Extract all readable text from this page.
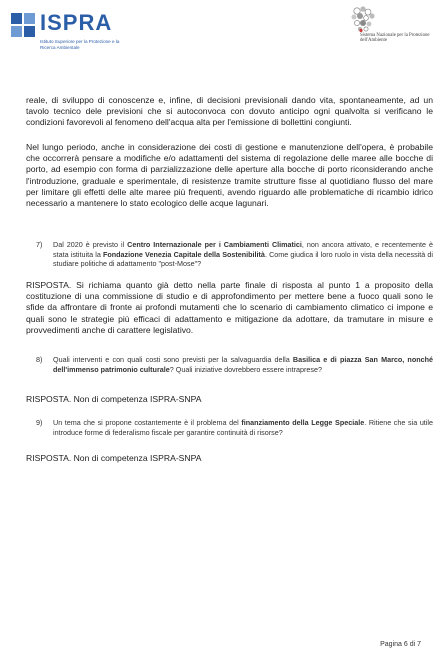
ISPRA
Istituto Superiore per la Protezione e la Ricerca Ambientale
Sistema Nazionale per la Protezione dell'Ambiente

reale, di sviluppo di conoscenze e, infine, di decisioni previsionali dando vita, spontaneamente, ad un tavolo tecnico dele previsioni che si autoconvoca con dovuto anticipo ogni qualvolta si verificano le condizioni favorevoli al fenomeno dell'acqua alta per l'emissione di bollettini congiunti.

Nel lungo periodo, anche in considerazione dei costi di gestione e manutenzione dell'opera, è probabile che occorrerà pensare a modifiche e/o adattamenti del sistema di regolazione delle maree alle bocche di porto, ad esempio con forma di parzializzazione delle aperture alla bocche di porto riconsiderando anche l'introduzione, graduale e sperimentale, di resistenze tramite strutture fisse al quotidiano flusso del mare per limitare gli effetti delle alte maree più frequenti, avendo riguardo alle problematiche di ricambio idrico necessario a mantenere lo stato ecologico delle acque lagunari.

7) Dal 2020 è previsto il Centro Internazionale per i Cambiamenti Climatici, non ancora attivato, e recentemente è stata istituita la Fondazione Venezia Capitale della Sostenibilità. Come giudica il loro ruolo in vista della necessità di studiare politiche di adattamento "post-Mose"?

RISPOSTA. Si richiama quanto già detto nella parte finale di risposta al punto 1 a proposito della costituzione di una commissione di studio e di approfondimento per mettere bene a fuoco quali sono le sfide da affrontare di fronte ai profondi mutamenti che lo scenario di cambiamento climatico ci impone e quali sono le strategie più efficaci di adattamento e mitigazione da adottare, da tramutare in misure e provvedimenti anche di carattere legislativo.

8) Quali interventi e con quali costi sono previsti per la salvaguardia della Basilica e di piazza San Marco, nonché dell'immenso patrimonio culturale? Quali iniziative dovrebbero essere intraprese?

RISPOSTA. Non di competenza ISPRA-SNPA

9) Un tema che si propone costantemente è il problema del finanziamento della Legge Speciale. Ritiene che sia utile introduce forme di federalismo fiscale per garantire continuità di risorse?

RISPOSTA. Non di competenza ISPRA-SNPA

Pagina 6 di 7
